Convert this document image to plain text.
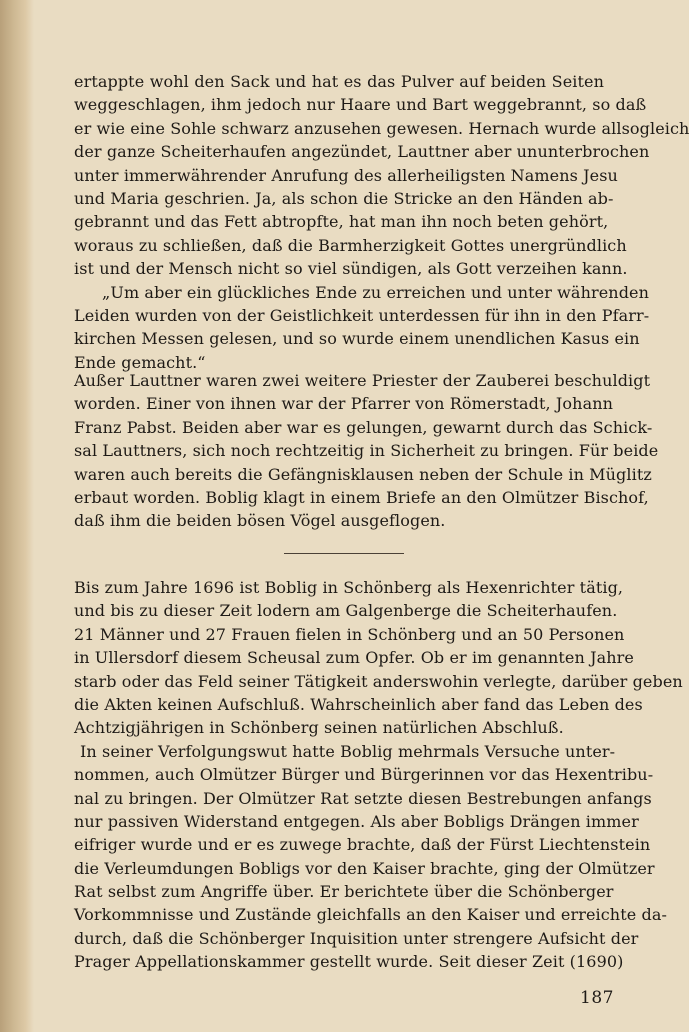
ertappte wohl den Sack und hat es das Pulver auf beiden Seiten
weggeschlagen, ihm jedoch nur Haare und Bart weggebrannt, so daß
er wie eine Sohle schwarz anzusehen gewesen. Hernach wurde allsogleich
der ganze Scheiterhaufen angezündet, Lauttner aber ununterbrochen
unter immerwährender Anrufung des allerheiligsten Namens Jesu
und Maria geschrien. Ja, als schon die Stricke an den Händen ab-
gebrannt und das Fett abtropfte, hat man ihn noch beten gehört,
woraus zu schließen, daß die Barmherzigkeit Gottes unergründlich
ist und der Mensch nicht so viel sündigen, als Gott verzeihen kann.
„Um aber ein glückliches Ende zu erreichen und unter währenden
Leiden wurden von der Geistlichkeit unterdessen für ihn in den Pfarr-
kirchen Messen gelesen, und so wurde einem unendlichen Kasus ein
Ende gemacht.“
Außer Lauttner waren zwei weitere Priester der Zauberei beschuldigt
worden. Einer von ihnen war der Pfarrer von Römerstadt, Johann
Franz Pabst. Beiden aber war es gelungen, gewarnt durch das Schick-
sal Lauttners, sich noch rechtzeitig in Sicherheit zu bringen. Für beide
waren auch bereits die Gefängnisklausen neben der Schule in Müglitz
erbaut worden. Boblig klagt in einem Briefe an den Olmützer Bischof,
daß ihm die beiden bösen Vögel ausgeflogen.
Bis zum Jahre 1696 ist Boblig in Schönberg als Hexenrichter tätig,
und bis zu dieser Zeit lodern am Galgenberge die Scheiterhaufen.
21 Männer und 27 Frauen fielen in Schönberg und an 50 Personen
in Ullersdorf diesem Scheusal zum Opfer. Ob er im genannten Jahre
starb oder das Feld seiner Tätigkeit anderswohin verlegte, darüber geben
die Akten keinen Aufschluß. Wahrscheinlich aber fand das Leben des
Achtzigjährigen in Schönberg seinen natürlichen Abschluß.
In seiner Verfolgungswut hatte Boblig mehrmals Versuche unter-
nommen, auch Olmützer Bürger und Bürgerinnen vor das Hexentribu-
nal zu bringen. Der Olmützer Rat setzte diesen Bestrebungen anfangs
nur passiven Widerstand entgegen. Als aber Bobligs Drängen immer
eifriger wurde und er es zuwege brachte, daß der Fürst Liechtenstein
die Verleumdungen Bobligs vor den Kaiser brachte, ging der Olmützer
Rat selbst zum Angriffe über. Er berichtete über die Schönberger
Vorkommnisse und Zustände gleichfalls an den Kaiser und erreichte da-
durch, daß die Schönberger Inquisition unter strengere Aufsicht der
Prager Appellationskammer gestellt wurde. Seit dieser Zeit (1690)
187
